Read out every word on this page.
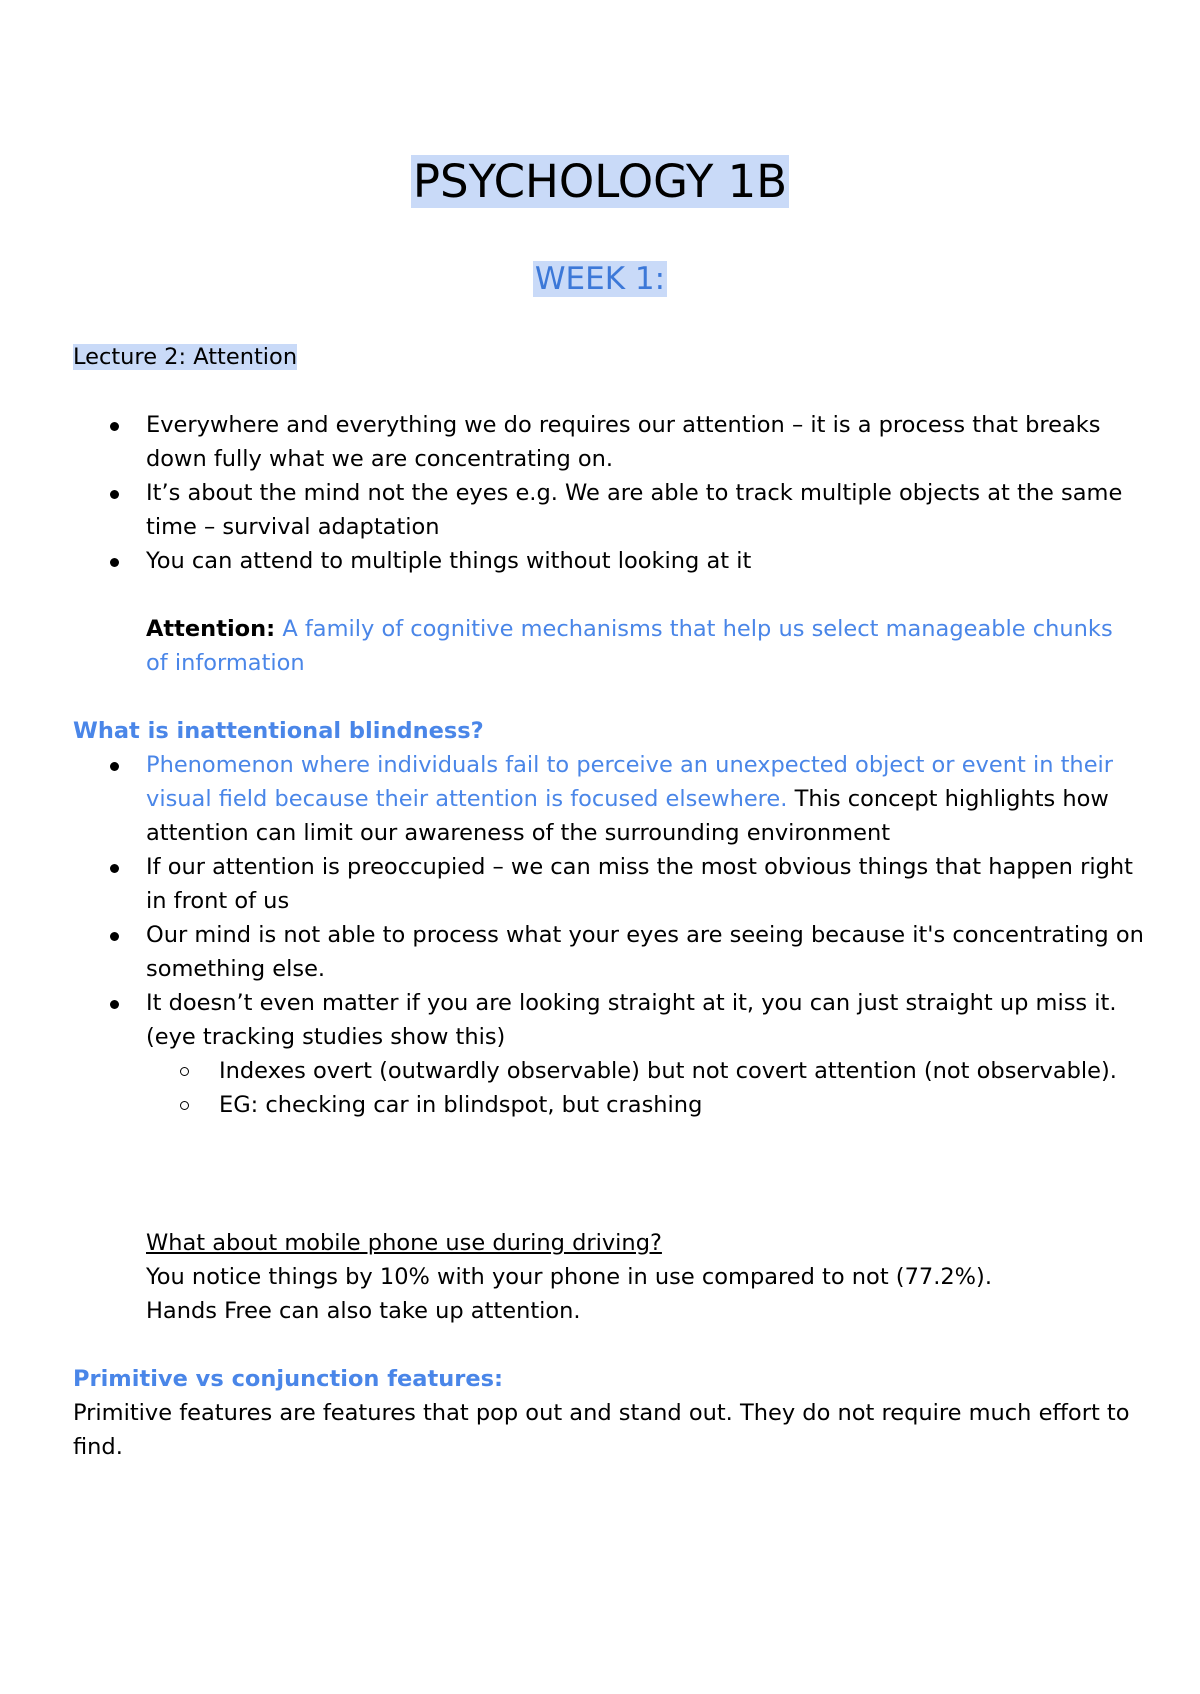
PSYCHOLOGY 1B
WEEK 1:
Lecture 2: Attention
Everywhere and everything we do requires our attention – it is a process that breaks down fully what we are concentrating on.
It’s about the mind not the eyes e.g. We are able to track multiple objects at the same time – survival adaptation
You can attend to multiple things without looking at it
Attention: A family of cognitive mechanisms that help us select manageable chunks of information
What is inattentional blindness?
Phenomenon where individuals fail to perceive an unexpected object or event in their visual field because their attention is focused elsewhere. This concept highlights how attention can limit our awareness of the surrounding environment
If our attention is preoccupied – we can miss the most obvious things that happen right in front of us
Our mind is not able to process what your eyes are seeing because it's concentrating on something else.
It doesn’t even matter if you are looking straight at it, you can just straight up miss it. (eye tracking studies show this)
Indexes overt (outwardly observable) but not covert attention (not observable).
EG: checking car in blindspot, but crashing
What about mobile phone use during driving?
You notice things by 10% with your phone in use compared to not (77.2%).
Hands Free can also take up attention.
Primitive vs conjunction features:
Primitive features are features that pop out and stand out. They do not require much effort to find.
